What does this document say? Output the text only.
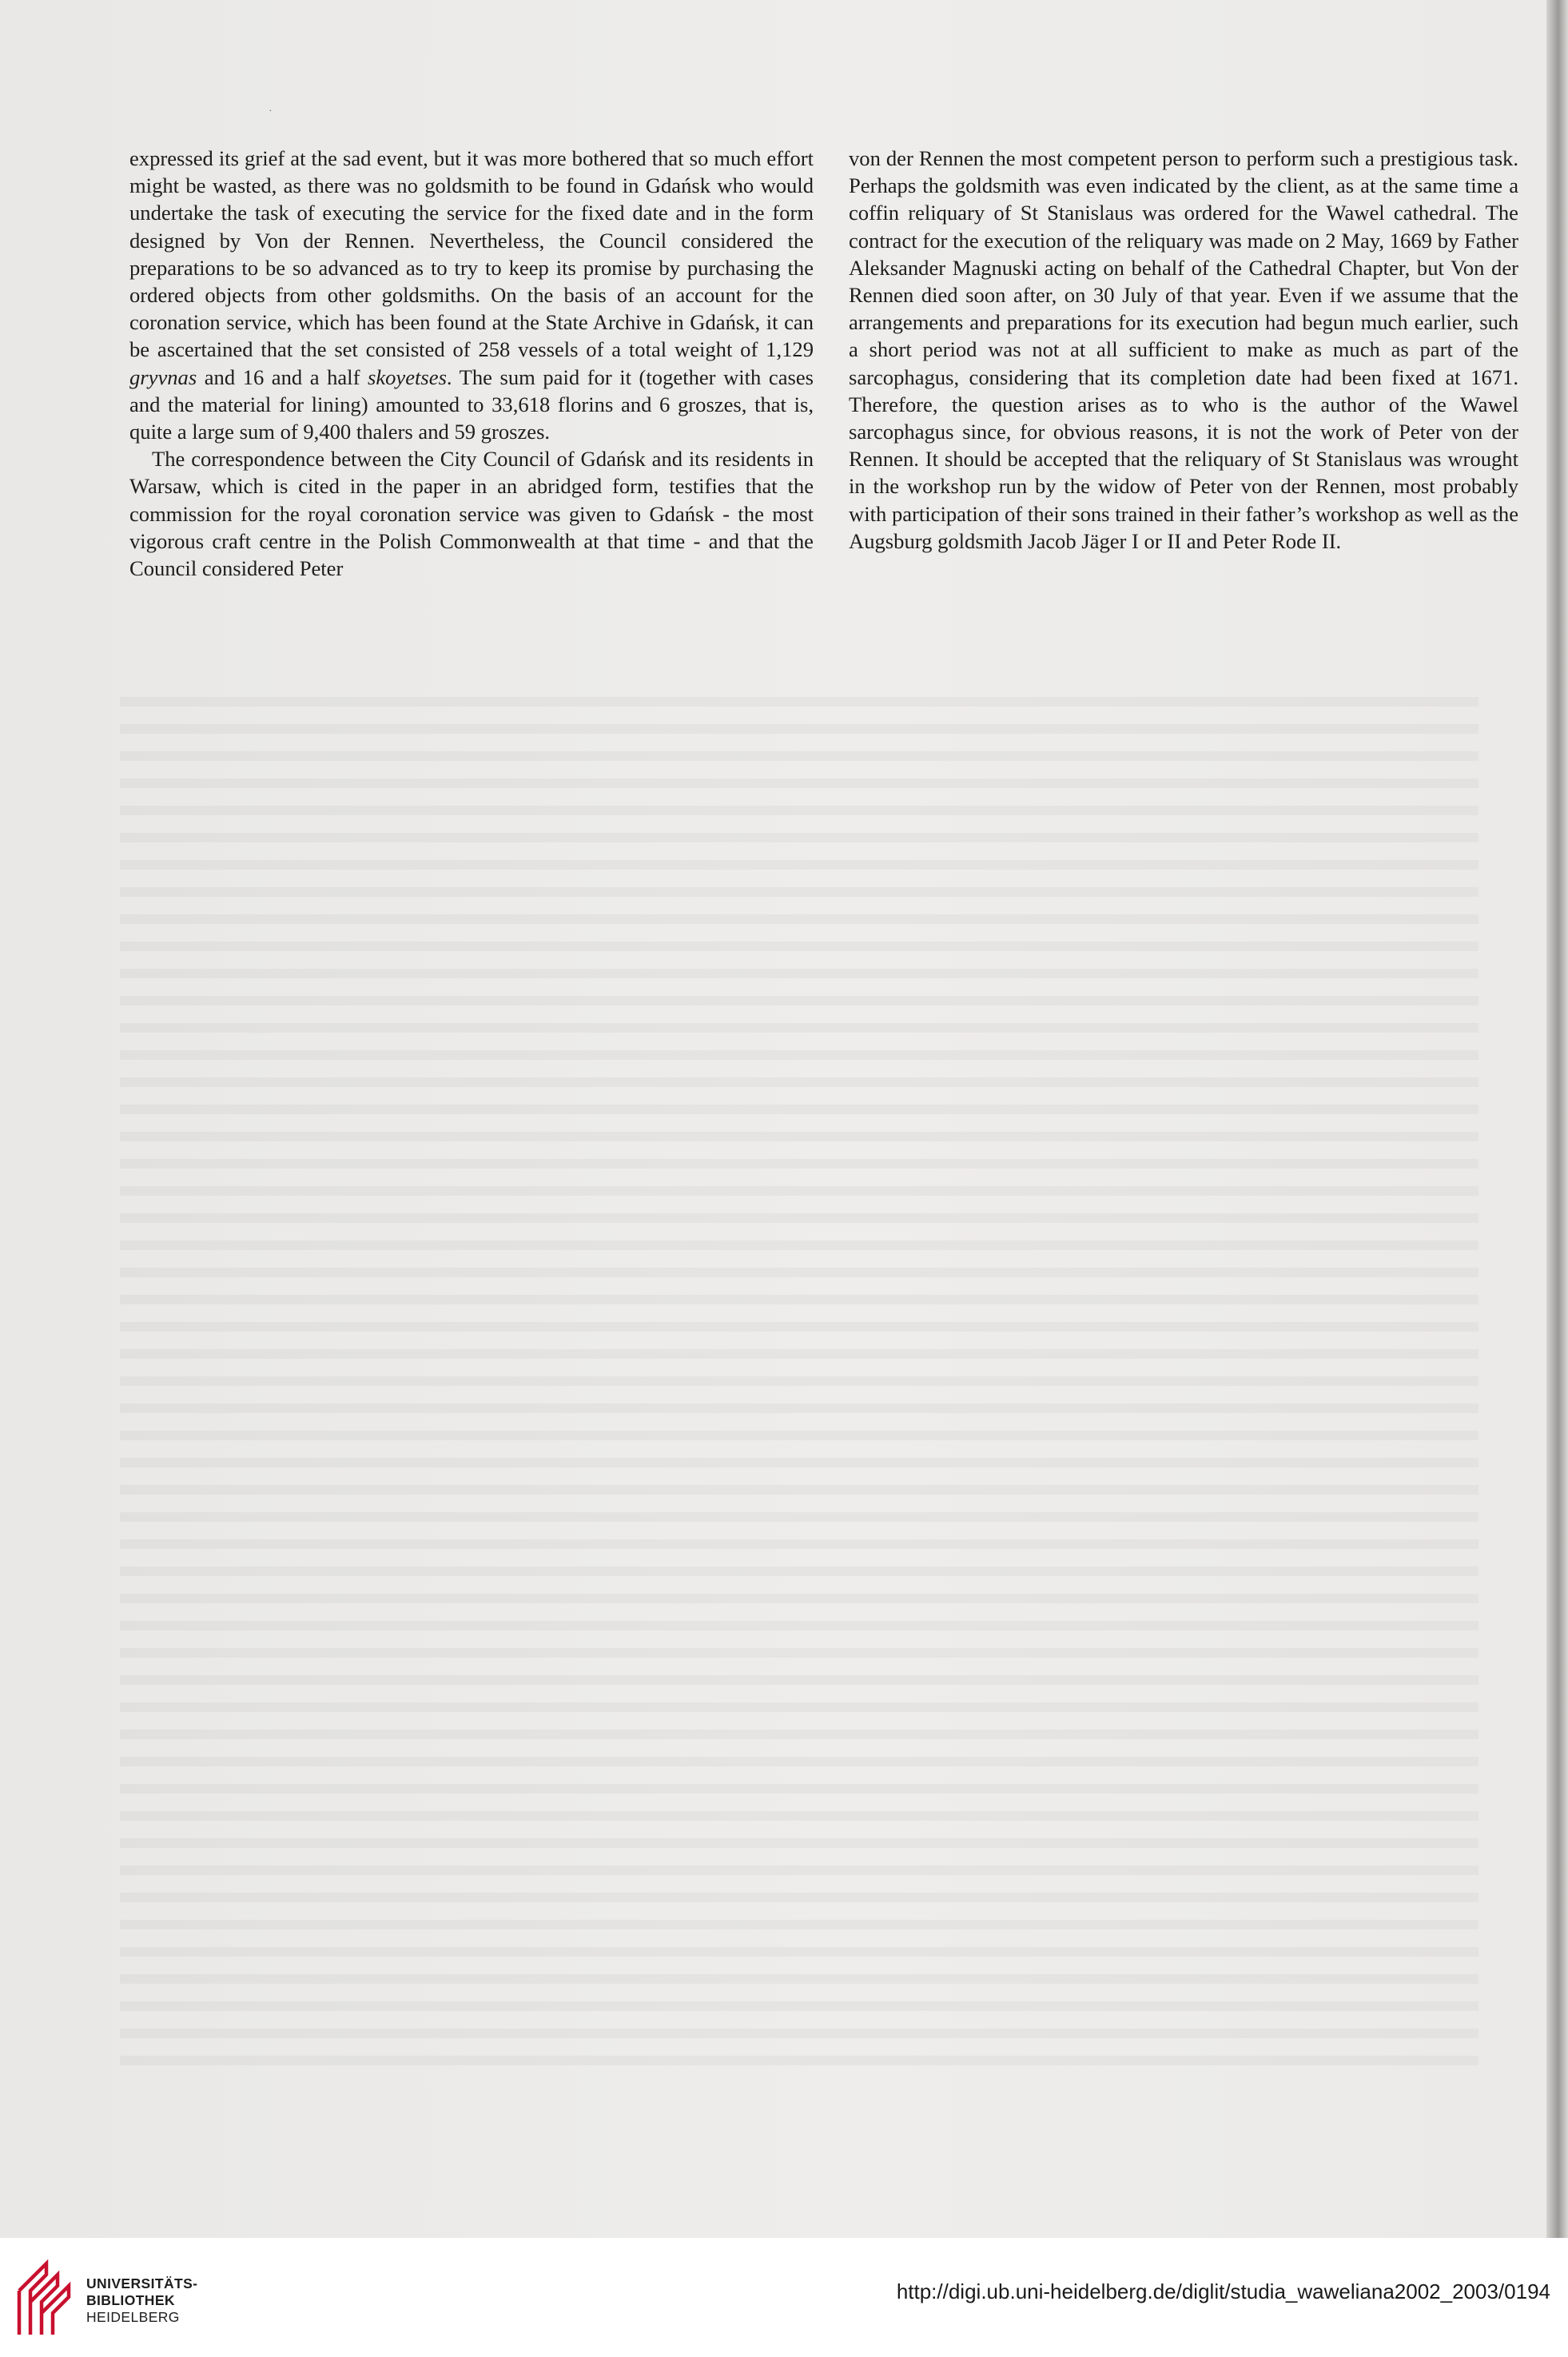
·

expressed its grief at the sad event, but it was more bothered that so much effort might be wasted, as there was no goldsmith to be found in Gdańsk who would undertake the task of executing the service for the fixed date and in the form designed by Von der Rennen. Nevertheless, the Council considered the preparations to be so advanced as to try to keep its promise by purchasing the ordered objects from other goldsmiths. On the basis of an account for the coronation service, which has been found at the State Archive in Gdańsk, it can be ascertained that the set consisted of 258 vessels of a total weight of 1,129 gryvnas and 16 and a half skoyetses. The sum paid for it (together with cases and the material for lining) amounted to 33,618 florins and 6 groszes, that is, quite a large sum of 9,400 thalers and 59 groszes.

The correspondence between the City Council of Gdańsk and its residents in Warsaw, which is cited in the paper in an abridged form, testifies that the commission for the royal coronation service was given to Gdańsk - the most vigorous craft centre in the Polish Commonwealth at that time - and that the Council considered Peter

von der Rennen the most competent person to perform such a prestigious task. Perhaps the goldsmith was even indicated by the client, as at the same time a coffin reliquary of St Stanislaus was ordered for the Wawel cathedral. The contract for the execution of the reliquary was made on 2 May, 1669 by Father Aleksander Magnuski acting on behalf of the Cathedral Chapter, but Von der Rennen died soon after, on 30 July of that year. Even if we assume that the arrangements and preparations for its execution had begun much earlier, such a short period was not at all sufficient to make as much as part of the sarcophagus, considering that its completion date had been fixed at 1671. Therefore, the question arises as to who is the author of the Wawel sarcophagus since, for obvious reasons, it is not the work of Peter von der Rennen. It should be accepted that the reliquary of St Stanislaus was wrought in the workshop run by the widow of Peter von der Rennen, most probably with participation of their sons trained in their father’s workshop as well as the Augsburg goldsmith Jacob Jäger I or II and Peter Rode II.

UNIVERSITÄTS-
BIBLIOTHEK
HEIDELBERG
http://digi.ub.uni-heidelberg.de/diglit/studia_waweliana2002_2003/0194
